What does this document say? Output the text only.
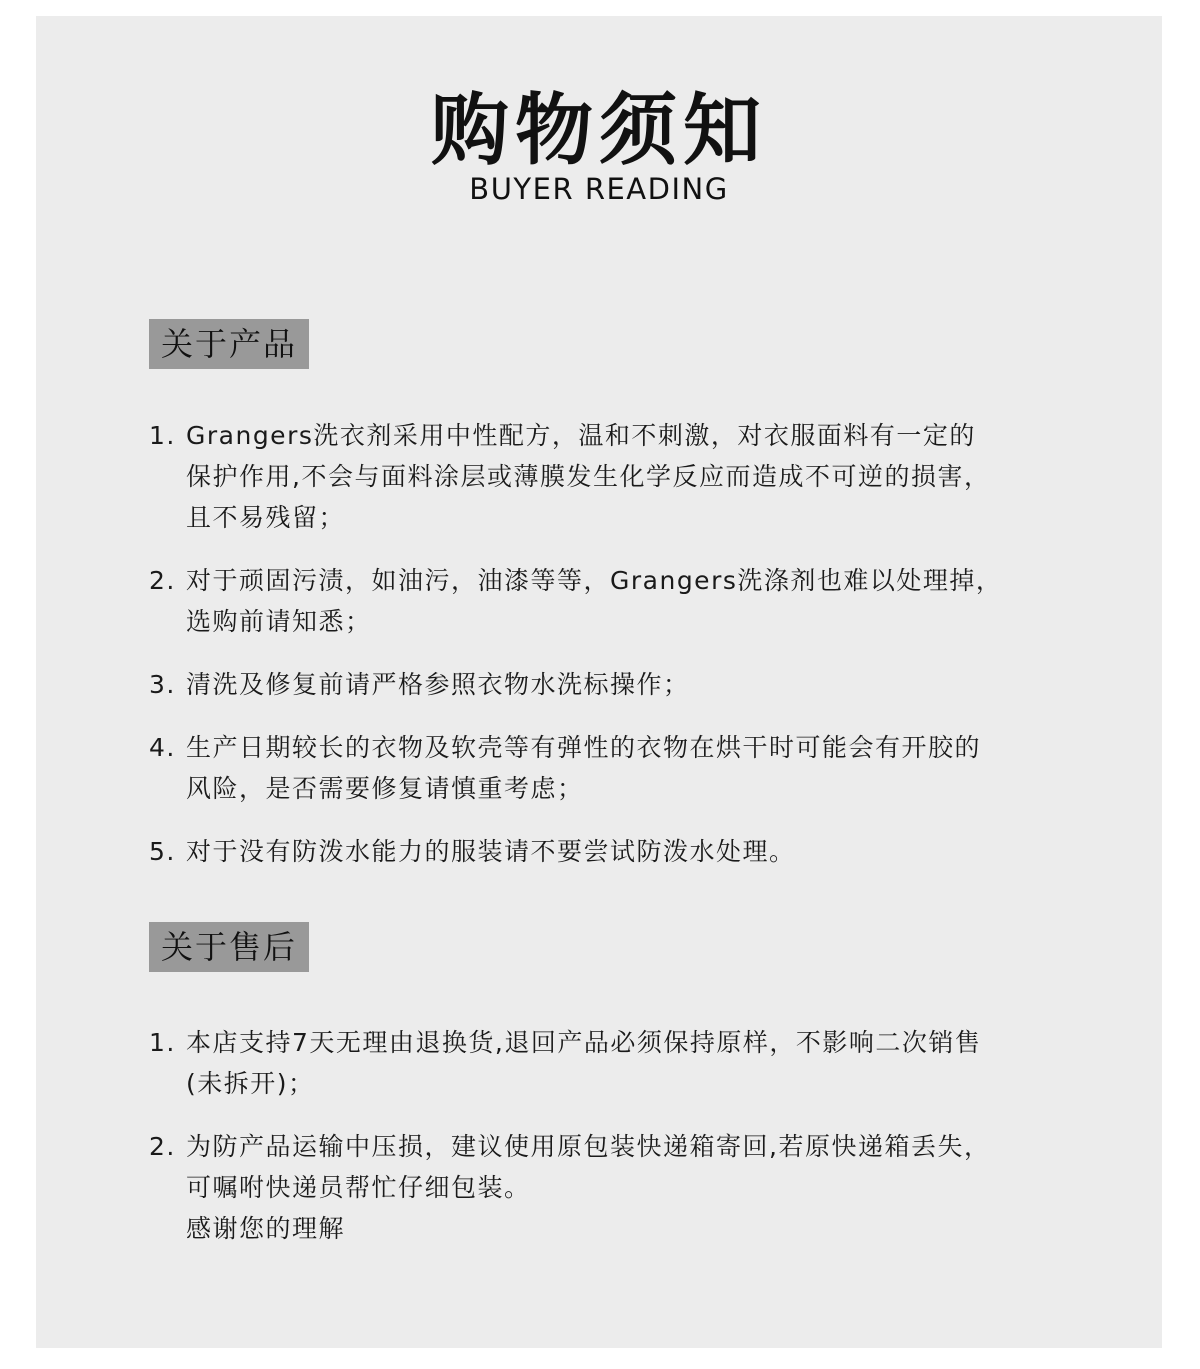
购物须知
BUYER READING
关于产品
1. Grangers洗衣剂采用中性配方，温和不刺激，对衣服面料有一定的
保护作用,不会与面料涂层或薄膜发生化学反应而造成不可逆的损害，
且不易残留；
2. 对于顽固污渍，如油污，油漆等等，Grangers洗涤剂也难以处理掉，
选购前请知悉；
3. 清洗及修复前请严格参照衣物水洗标操作；
4. 生产日期较长的衣物及软壳等有弹性的衣物在烘干时可能会有开胶的
风险，是否需要修复请慎重考虑；
5. 对于没有防泼水能力的服装请不要尝试防泼水处理。
关于售后
1. 本店支持7天无理由退换货,退回产品必须保持原样，不影响二次销售
(未拆开)；
2. 为防产品运输中压损，建议使用原包装快递箱寄回,若原快递箱丢失，
可嘱咐快递员帮忙仔细包装。
感谢您的理解
